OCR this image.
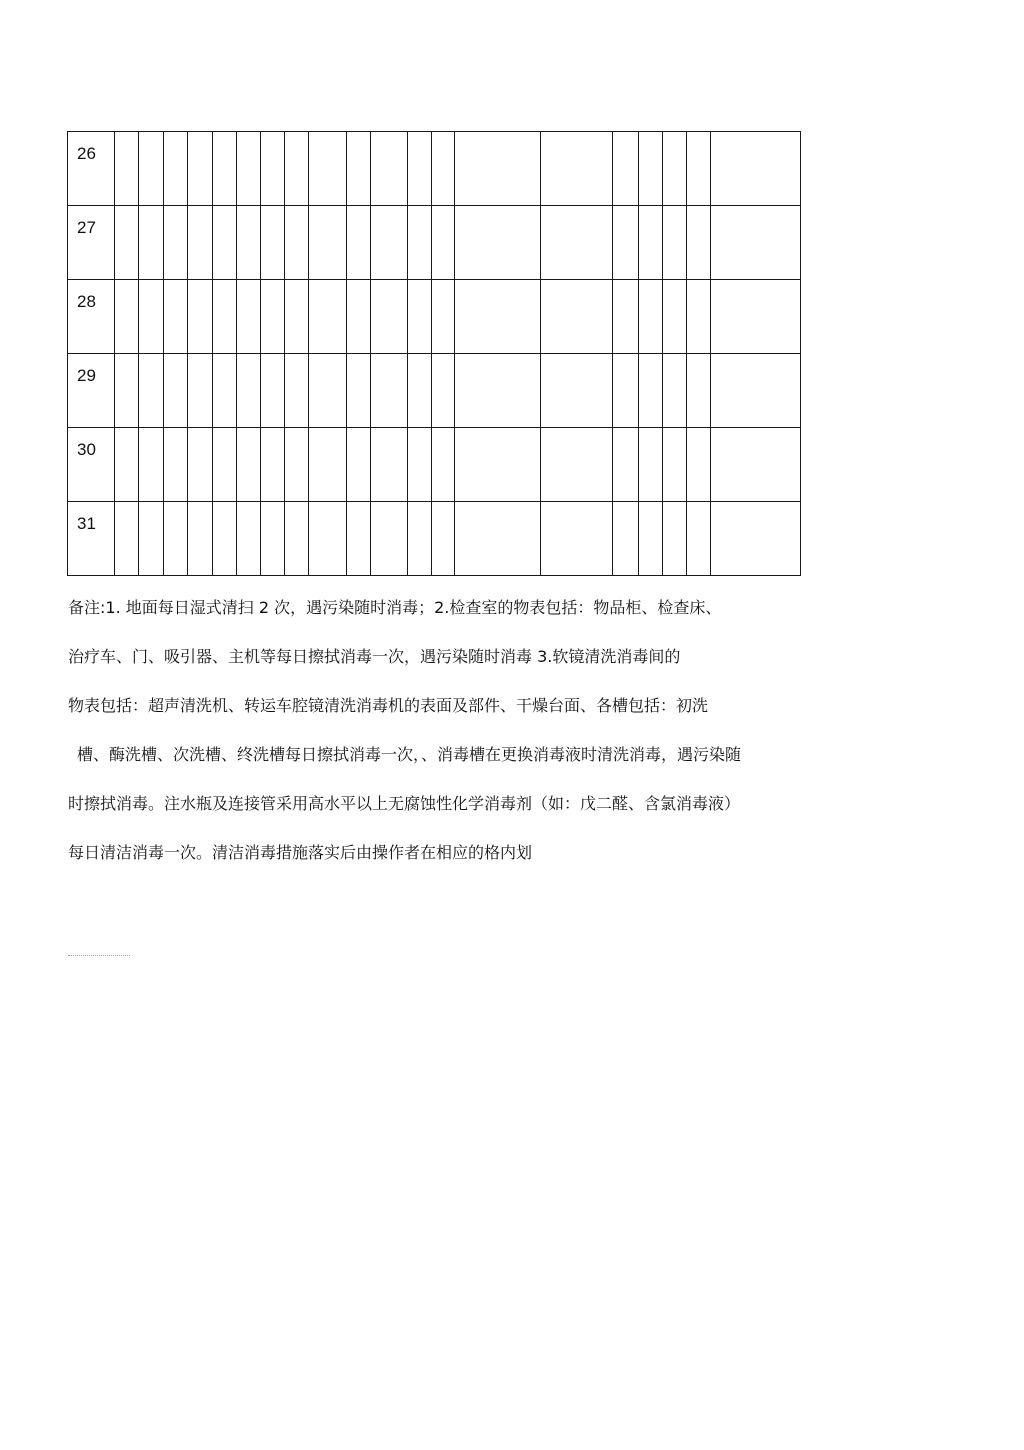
26																				
27																				
28																				
29																				
30																				
31																				
备注:1. 地面每日湿式清扫 2 次，遇污染随时消毒；2.检查室的物表包括：物品柜、检查床、
治疗车、门、吸引器、主机等每日擦拭消毒一次，遇污染随时消毒 3.软镜清洗消毒间的
物表包括：超声清洗机、转运车腔镜清洗消毒机的表面及部件、干燥台面、各槽包括：初洗
槽、酶洗槽、次洗槽、终洗槽每日擦拭消毒一次，、消毒槽在更换消毒液时清洗消毒，遇污染随
时擦拭消毒。注水瓶及连接管采用高水平以上无腐蚀性化学消毒剂（如：戊二醛、含氯消毒液）
每日清洁消毒一次。清洁消毒措施落实后由操作者在相应的格内划
